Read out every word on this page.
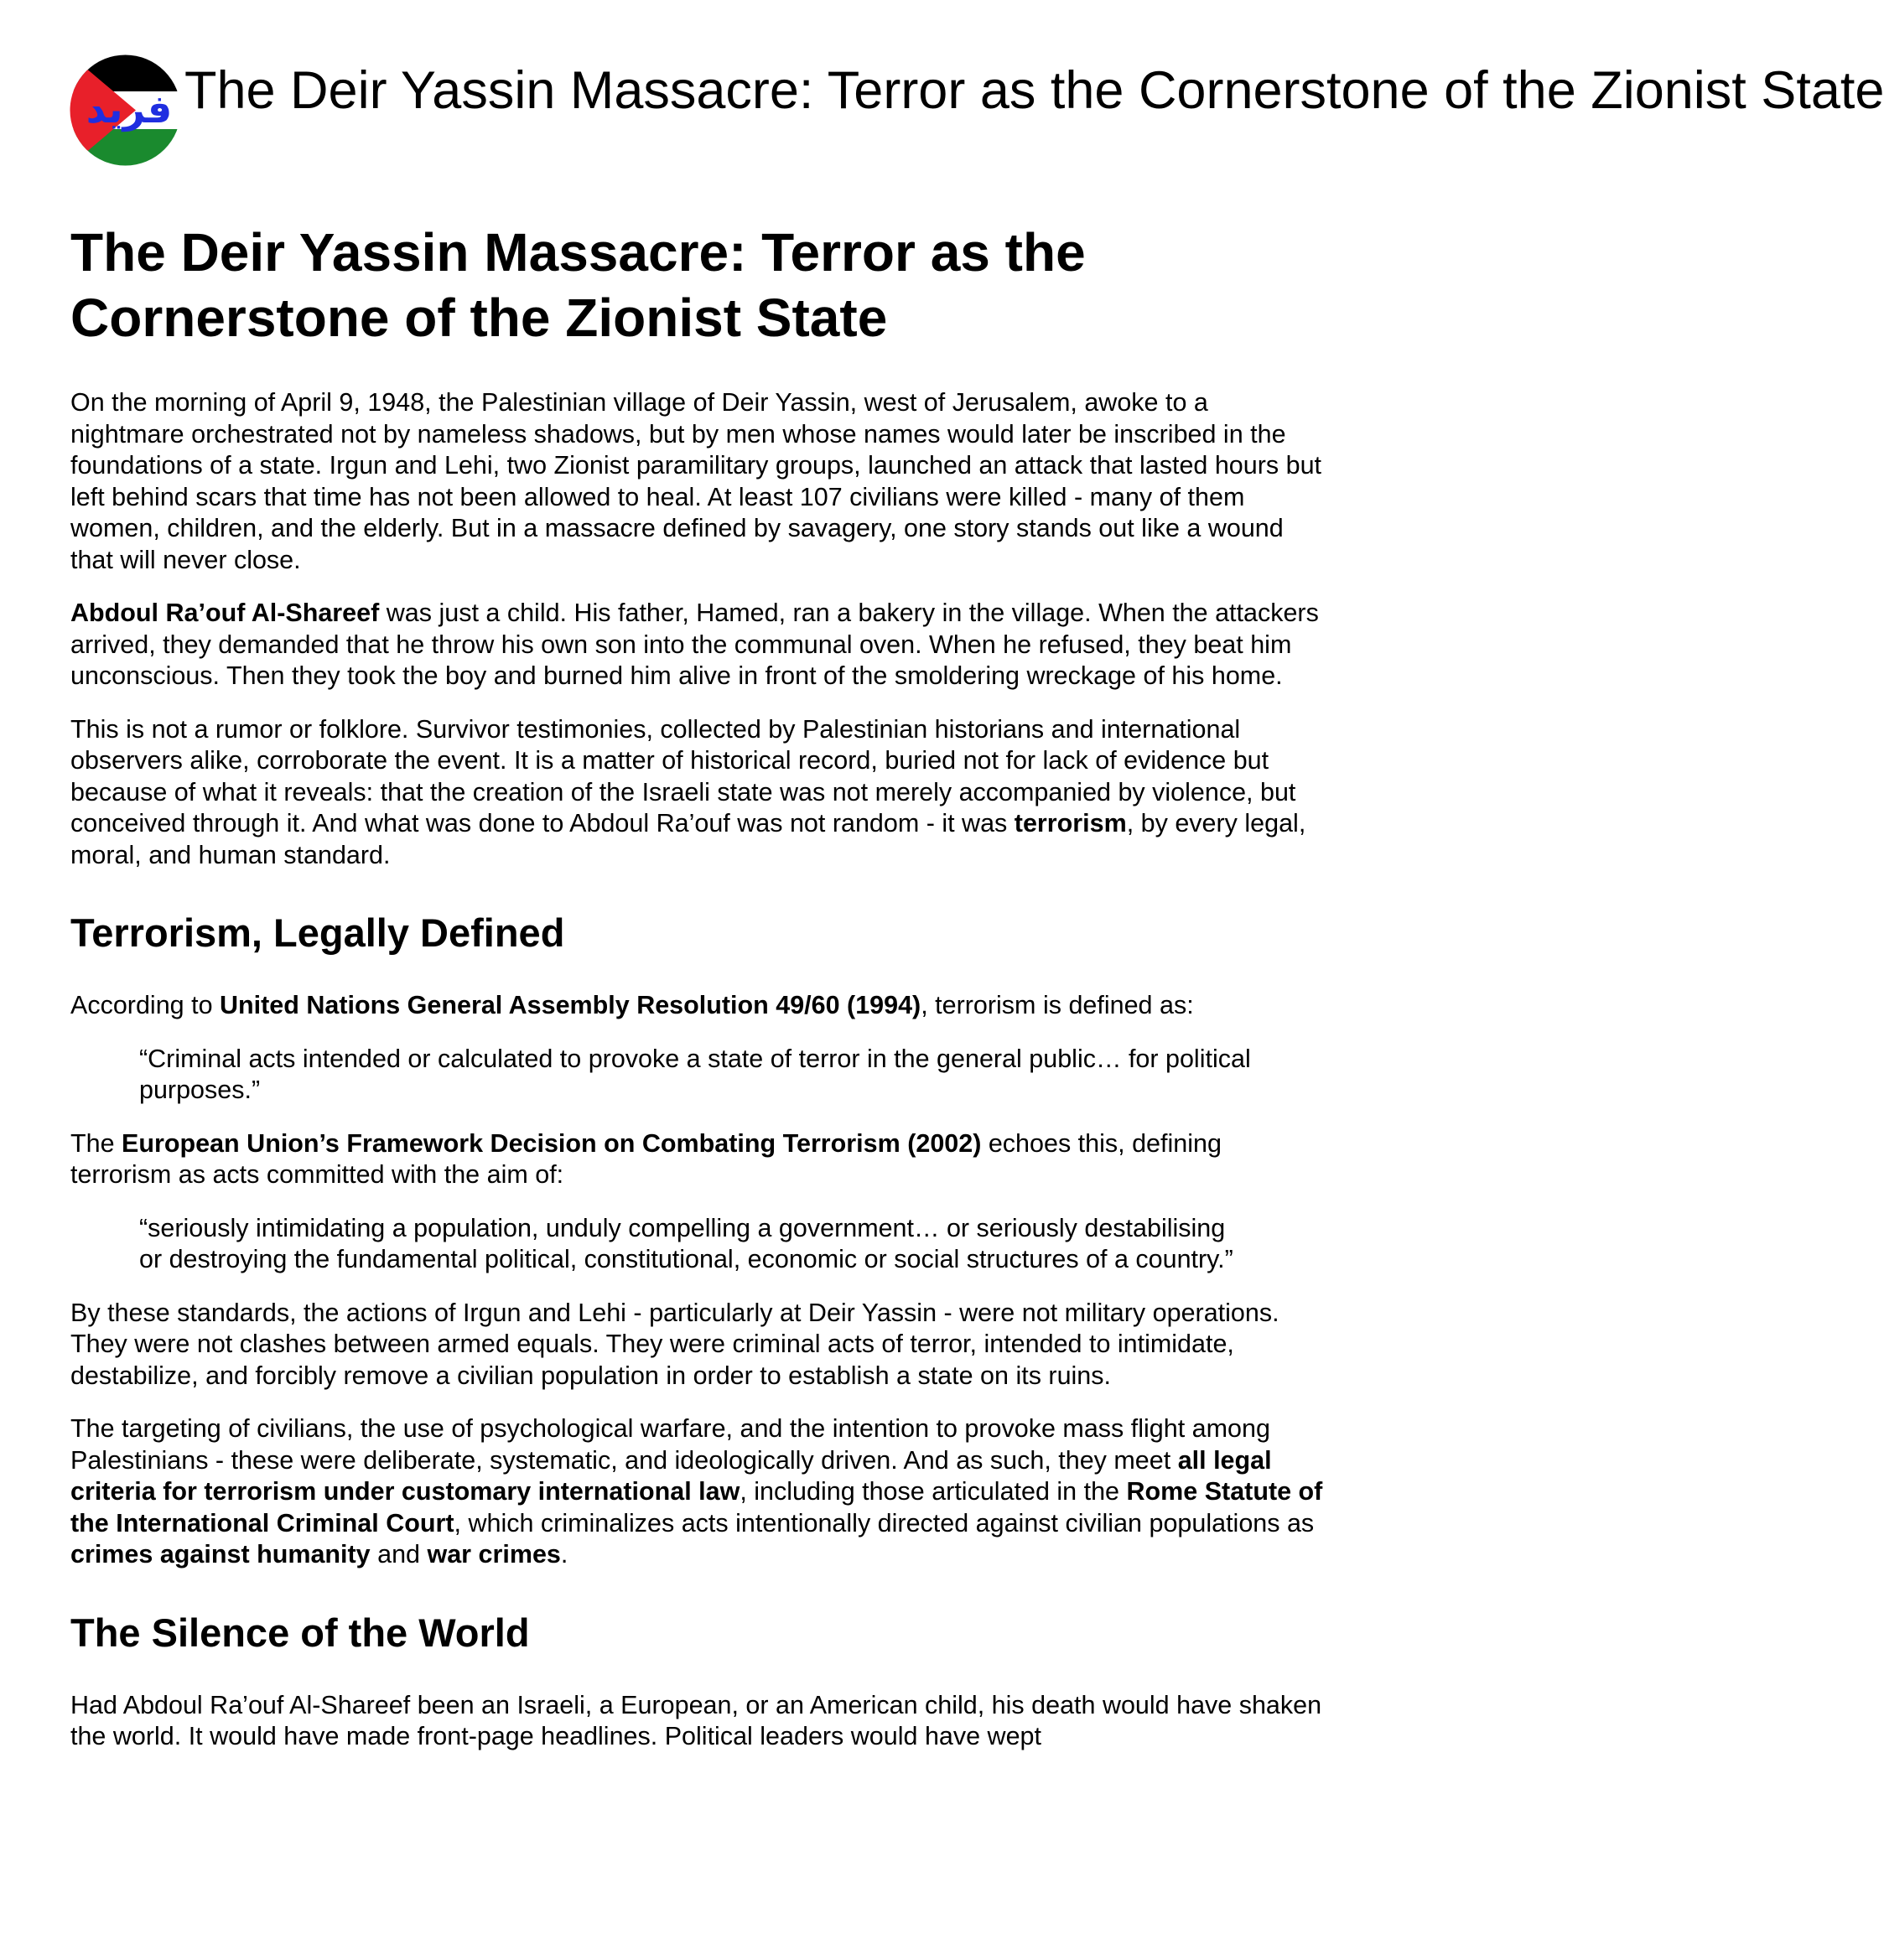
فريد The Deir Yassin Massacre: Terror as the Cornerstone of the Zionist State
The Deir Yassin Massacre: Terror as the Cornerstone of the Zionist State

On the morning of April 9, 1948, the Palestinian village of Deir Yassin, west of Jerusalem, awoke to a nightmare orchestrated not by nameless shadows, but by men whose names would later be inscribed in the foundations of a state. Irgun and Lehi, two Zionist paramilitary groups, launched an attack that lasted hours but left behind scars that time has not been allowed to heal. At least 107 civilians were killed - many of them women, children, and the elderly. But in a massacre defined by savagery, one story stands out like a wound that will never close.

Abdoul Ra’ouf Al-Shareef was just a child. His father, Hamed, ran a bakery in the village. When the attackers arrived, they demanded that he throw his own son into the communal oven. When he refused, they beat him unconscious. Then they took the boy and burned him alive in front of the smoldering wreckage of his home.

This is not a rumor or folklore. Survivor testimonies, collected by Palestinian historians and international observers alike, corroborate the event. It is a matter of historical record, buried not for lack of evidence but because of what it reveals: that the creation of the Israeli state was not merely accompanied by violence, but conceived through it. And what was done to Abdoul Ra’ouf was not random - it was terrorism, by every legal, moral, and human standard.

Terrorism, Legally Defined

According to United Nations General Assembly Resolution 49/60 (1994), terrorism is defined as:

“Criminal acts intended or calculated to provoke a state of terror in the general public… for political purposes.”

The European Union’s Framework Decision on Combating Terrorism (2002) echoes this, defining terrorism as acts committed with the aim of:

“seriously intimidating a population, unduly compelling a government… or seriously destabilising or destroying the fundamental political, constitutional, economic or social structures of a country.”

By these standards, the actions of Irgun and Lehi - particularly at Deir Yassin - were not military operations. They were not clashes between armed equals. They were criminal acts of terror, intended to intimidate, destabilize, and forcibly remove a civilian population in order to establish a state on its ruins.

The targeting of civilians, the use of psychological warfare, and the intention to provoke mass flight among Palestinians - these were deliberate, systematic, and ideologically driven. And as such, they meet all legal criteria for terrorism under customary international law, including those articulated in the Rome Statute of the International Criminal Court, which criminalizes acts intentionally directed against civilian populations as crimes against humanity and war crimes.

The Silence of the World

Had Abdoul Ra’ouf Al-Shareef been an Israeli, a European, or an American child, his death would have shaken the world. It would have made front-page headlines. Political leaders would have wept
